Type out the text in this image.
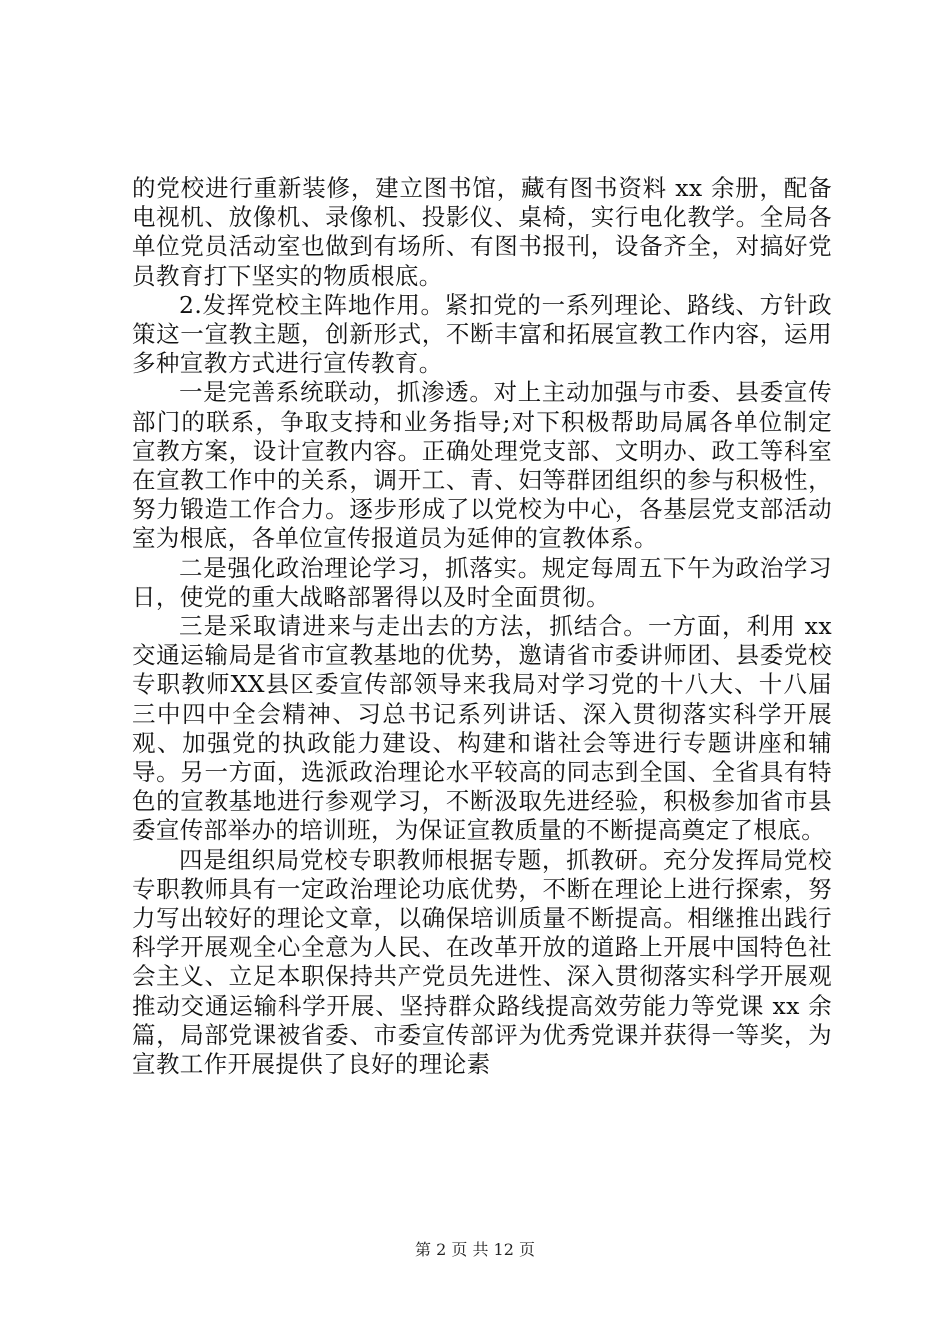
的党校进行重新装修，建立图书馆，藏有图书资料 xx 余册，配备电视机、放像机、录像机、投影仪、桌椅，实行电化教学。全局各单位党员活动室也做到有场所、有图书报刊，设备齐全，对搞好党员教育打下坚实的物质根底。

2.发挥党校主阵地作用。紧扣党的一系列理论、路线、方针政策这一宣教主题，创新形式，不断丰富和拓展宣教工作内容，运用多种宣教方式进行宣传教育。

一是完善系统联动，抓渗透。对上主动加强与市委、县委宣传部门的联系，争取支持和业务指导;对下积极帮助局属各单位制定宣教方案，设计宣教内容。正确处理党支部、文明办、政工等科室在宣教工作中的关系，调开工、青、妇等群团组织的参与积极性，努力锻造工作合力。逐步形成了以党校为中心，各基层党支部活动室为根底，各单位宣传报道员为延伸的宣教体系。

二是强化政治理论学习，抓落实。规定每周五下午为政治学习日，使党的重大战略部署得以及时全面贯彻。

三是采取请进来与走出去的方法，抓结合。一方面，利用 xx 交通运输局是省市宣教基地的优势，邀请省市委讲师团、县委党校专职教师XX县区委宣传部领导来我局对学习党的十八大、十八届三中四中全会精神、习总书记系列讲话、深入贯彻落实科学开展观、加强党的执政能力建设、构建和谐社会等进行专题讲座和辅导。另一方面，选派政治理论水平较高的同志到全国、全省具有特色的宣教基地进行参观学习，不断汲取先进经验，积极参加省市县委宣传部举办的培训班，为保证宣教质量的不断提高奠定了根底。

四是组织局党校专职教师根据专题，抓教研。充分发挥局党校专职教师具有一定政治理论功底优势，不断在理论上进行探索，努力写出较好的理论文章，以确保培训质量不断提高。相继推出践行科学开展观全心全意为人民、在改革开放的道路上开展中国特色社会主义、立足本职保持共产党员先进性、深入贯彻落实科学开展观推动交通运输科学开展、坚持群众路线提高效劳能力等党课 xx 余篇，局部党课被省委、市委宣传部评为优秀党课并获得一等奖，为宣教工作开展提供了良好的理论素

第 2 页 共 12 页
